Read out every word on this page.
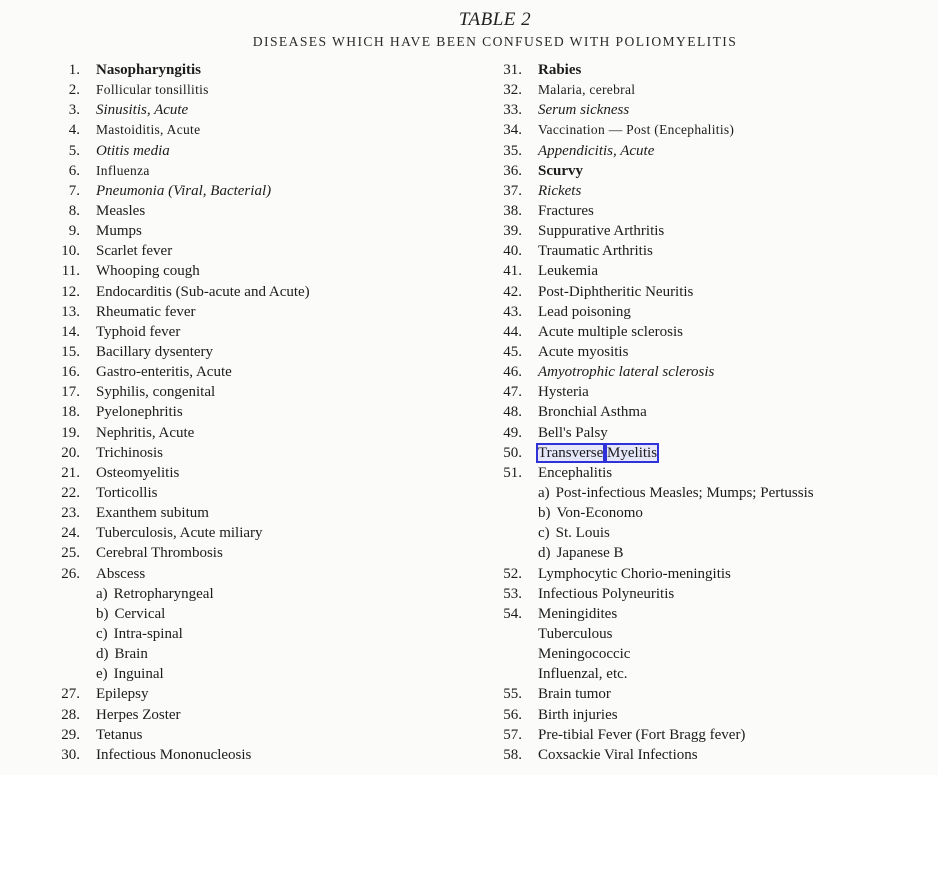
TABLE 2
DISEASES WHICH HAVE BEEN CONFUSED WITH POLIOMYELITIS
1. Nasopharyngitis
2. Follicular tonsillitis
3. Sinusitis, Acute
4. Mastoiditis, Acute
5. Otitis media
6. Influenza
7. Pneumonia (Viral, Bacterial)
8. Measles
9. Mumps
10. Scarlet fever
11. Whooping cough
12. Endocarditis (Sub-acute and Acute)
13. Rheumatic fever
14. Typhoid fever
15. Bacillary dysentery
16. Gastro-enteritis, Acute
17. Syphilis, congenital
18. Pyelonephritis
19. Nephritis, Acute
20. Trichinosis
21. Osteomyelitis
22. Torticollis
23. Exanthem subitum
24. Tuberculosis, Acute miliary
25. Cerebral Thrombosis
26. Abscess
a) Retropharyngeal
b) Cervical
c) Intra-spinal
d) Brain
e) Inguinal
27. Epilepsy
28. Herpes Zoster
29. Tetanus
30. Infectious Mononucleosis
31. Rabies
32. Malaria, cerebral
33. Serum sickness
34. Vaccination — Post (Encephalitis)
35. Appendicitis, Acute
36. Scurvy
37. Rickets
38. Fractures
39. Suppurative Arthritis
40. Traumatic Arthritis
41. Leukemia
42. Post-Diphtheritic Neuritis
43. Lead poisoning
44. Acute multiple sclerosis
45. Acute myositis
46. Amyotrophic lateral sclerosis
47. Hysteria
48. Bronchial Asthma
49. Bell's Palsy
50. Transverse Myelitis
51. Encephalitis
a) Post-infectious Measles; Mumps; Pertussis
b) Von-Economo
c) St. Louis
d) Japanese B
52. Lymphocytic Chorio-meningitis
53. Infectious Polyneuritis
54. Meningidites
Tuberculous
Meningococcic
Influenzal, etc.
55. Brain tumor
56. Birth injuries
57. Pre-tibial Fever (Fort Bragg fever)
58. Coxsackie Viral Infections
